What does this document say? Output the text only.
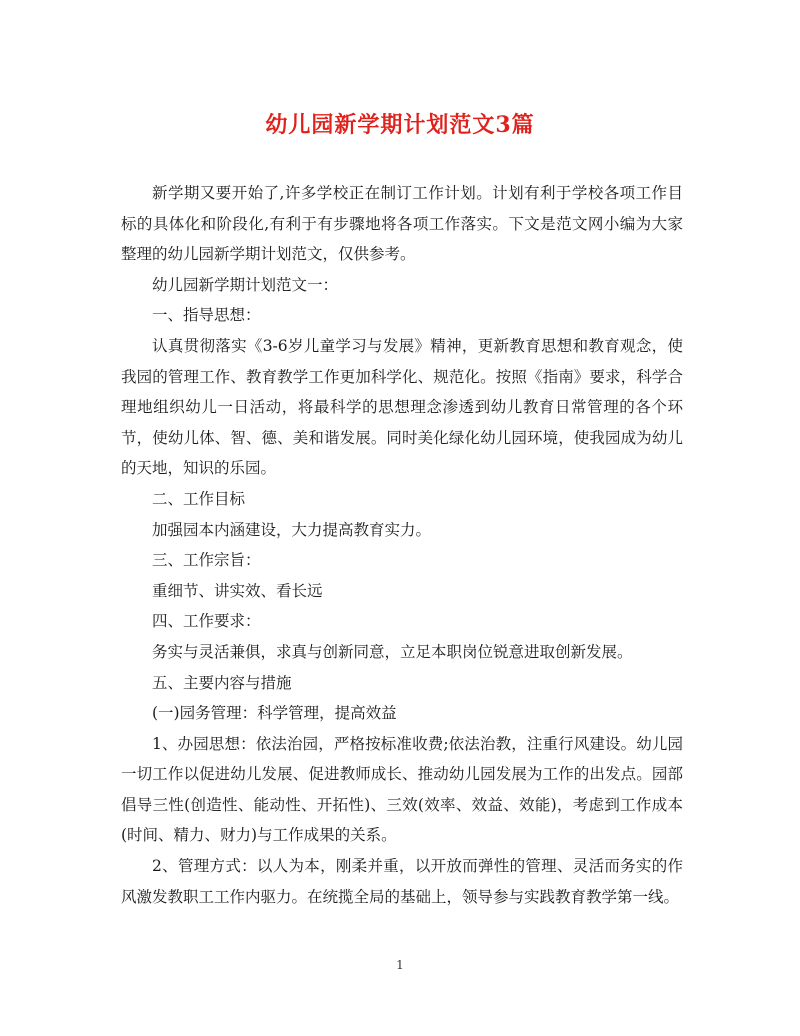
幼儿园新学期计划范文3篇

新学期又要开始了,许多学校正在制订工作计划。计划有利于学校各项工作目标的具体化和阶段化,有利于有步骤地将各项工作落实。下文是范文网小编为大家整理的幼儿园新学期计划范文，仅供参考。

幼儿园新学期计划范文一：

一、指导思想：

认真贯彻落实《3-6岁儿童学习与发展》精神，更新教育思想和教育观念，使我园的管理工作、教育教学工作更加科学化、规范化。按照《指南》要求，科学合理地组织幼儿一日活动，将最科学的思想理念渗透到幼儿教育日常管理的各个环节，使幼儿体、智、德、美和谐发展。同时美化绿化幼儿园环境，使我园成为幼儿的天地，知识的乐园。

二、工作目标

加强园本内涵建设，大力提高教育实力。

三、工作宗旨：

重细节、讲实效、看长远

四、工作要求：

务实与灵活兼俱，求真与创新同意，立足本职岗位锐意进取创新发展。

五、主要内容与措施

(一)园务管理：科学管理，提高效益

1、办园思想：依法治园，严格按标准收费;依法治教，注重行风建设。幼儿园一切工作以促进幼儿发展、促进教师成长、推动幼儿园发展为工作的出发点。园部倡导三性(创造性、能动性、开拓性)、三效(效率、效益、效能)，考虑到工作成本(时间、精力、财力)与工作成果的关系。

2、管理方式：以人为本，刚柔并重，以开放而弹性的管理、灵活而务实的作风激发教职工工作内驱力。在统揽全局的基础上，领导参与实践教育教学第一线。

1
